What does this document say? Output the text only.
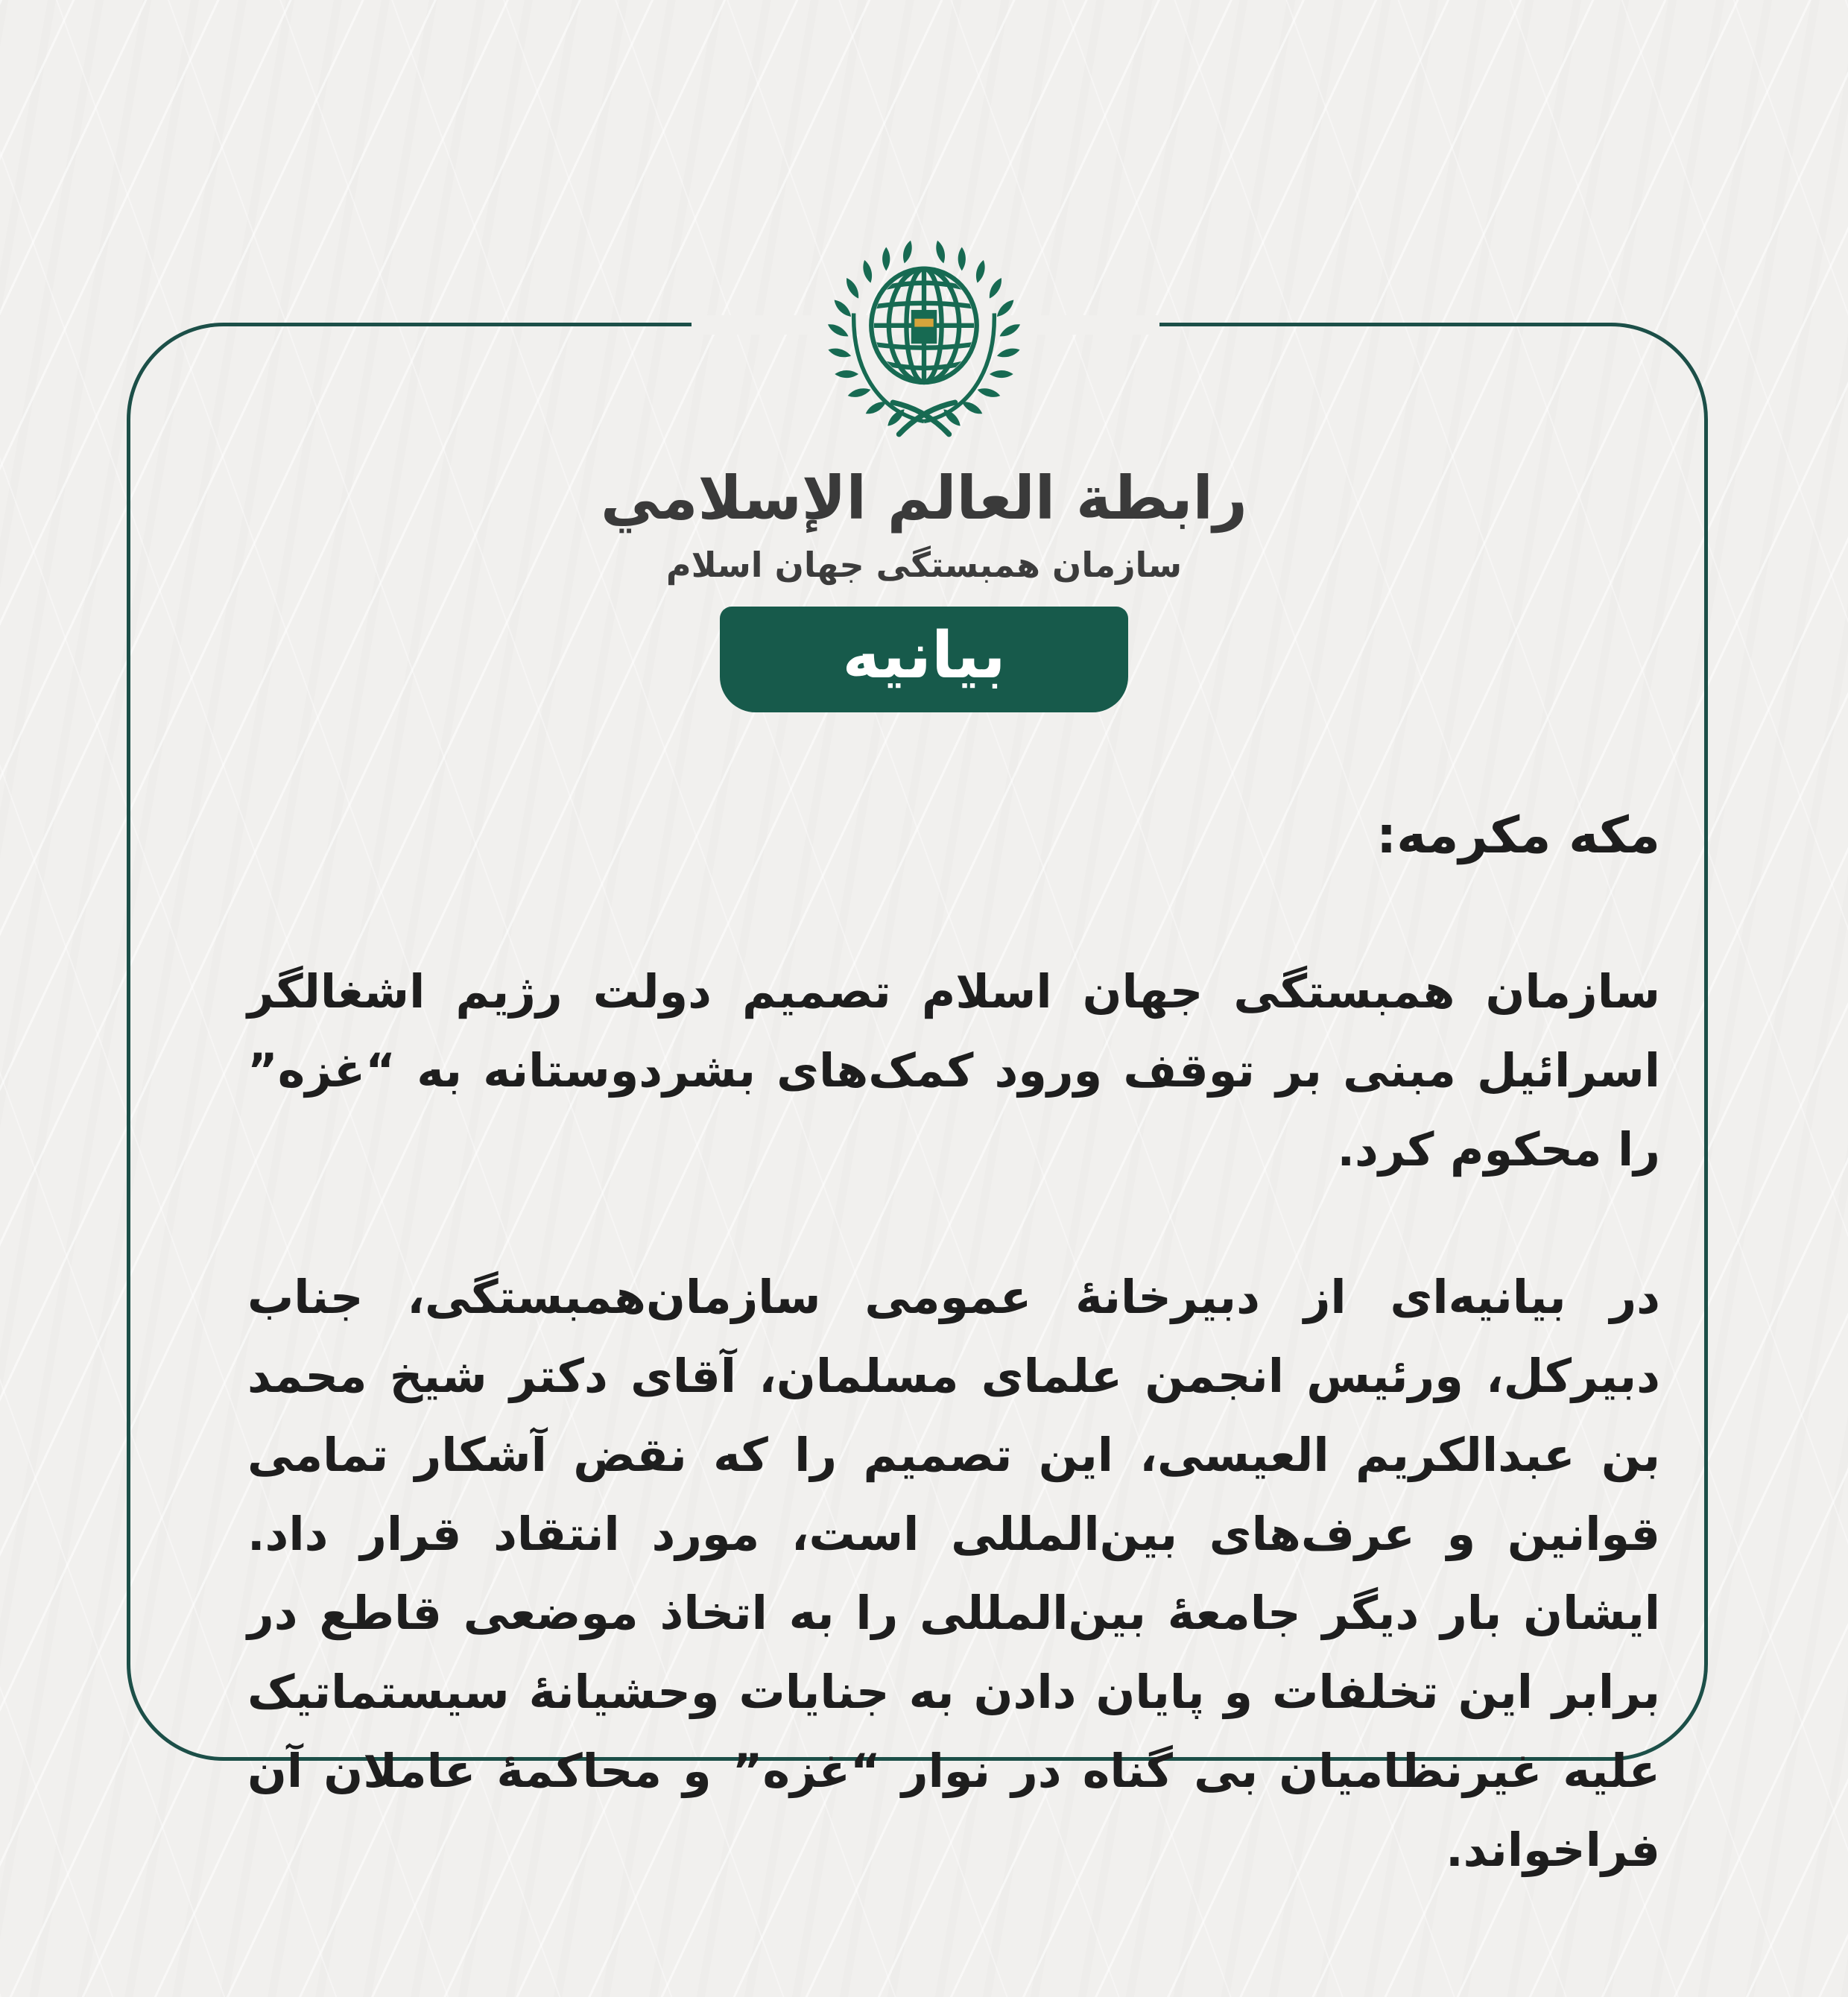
رابطة العالم الإسلامي
سازمان همبستگی جهان اسلام
بیانیه

مکه مکرمه:

سازمان همبستگی جهان اسلام تصمیم دولت رژیم اشغالگر اسرائیل مبنی بر توقف ورود کمک‌های بشردوستانه به “غزه” را محکوم کرد.

در بیانیه‌ای از دبیرخانهٔ عمومی سازمان‌همبستگی، جناب دبیرکل، ورئیس انجمن علمای مسلمان، آقای دکتر شیخ محمد بن عبدالکریم العیسی، این تصمیم را که نقض آشکار تمامی قوانین و عرف‌های بین‌المللی است، مورد انتقاد قرار داد. ایشان بار دیگر جامعهٔ بین‌المللی را به اتخاذ موضعی قاطع در برابر این تخلفات و پایان دادن به جنایات وحشیانهٔ سیستماتیک علیه غیرنظامیان بی گناه در نوار “غزه” و محاکمهٔ عاملان آن فراخواند.
